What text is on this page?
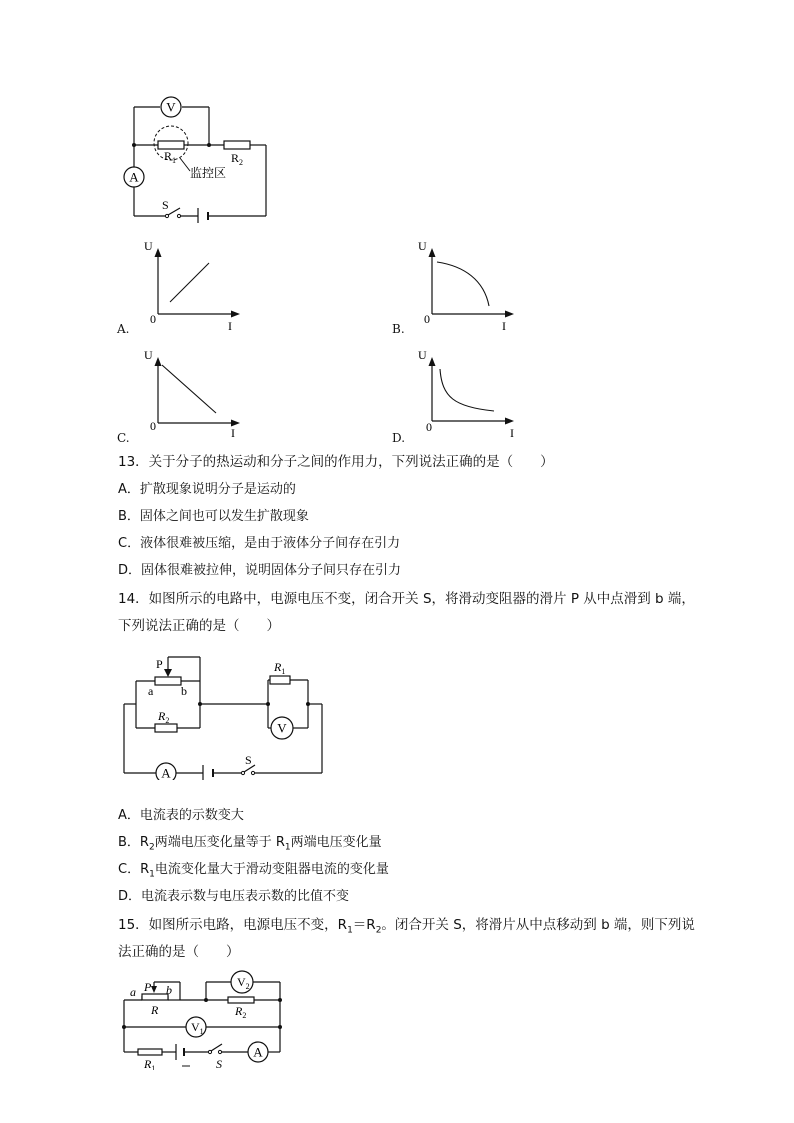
V
A
$R_1$	$R_2$
监控区
S
U
I
0
A.
U
I
0
B.
U
I
0
C.
U
I
0
D.
13．关于分子的热运动和分子之间的作用力，下列说法正确的是（　　）
A．扩散现象说明分子是运动的
B．固体之间也可以发生扩散现象
C．液体很难被压缩，是由于液体分子间存在引力
D．固体很难被拉伸，说明固体分子间只存在引力
14．如图所示的电路中，电源电压不变，闭合开关 S，将滑动变阻器的滑片 P 从中点滑到 b 端，
下列说法正确的是（　　）
V
A
P
a b
$R_2$
$R_1$
S
A．电流表的示数变大
B．$R_2$两端电压变化量等于 $R_1$两端电压变化量
C．$R_1$电流变化量大于滑动变阻器电流的变化量
D．电流表示数与电压表示数的比值不变
15．如图所示电路，电源电压不变，$R_1=R_2$。闭合开关 S，将滑片从中点移动到 b 端，则下列说
法正确的是（　　）
$V_2$
$V_1$
A
a P b
R	$R_2$
$R_1$	S
